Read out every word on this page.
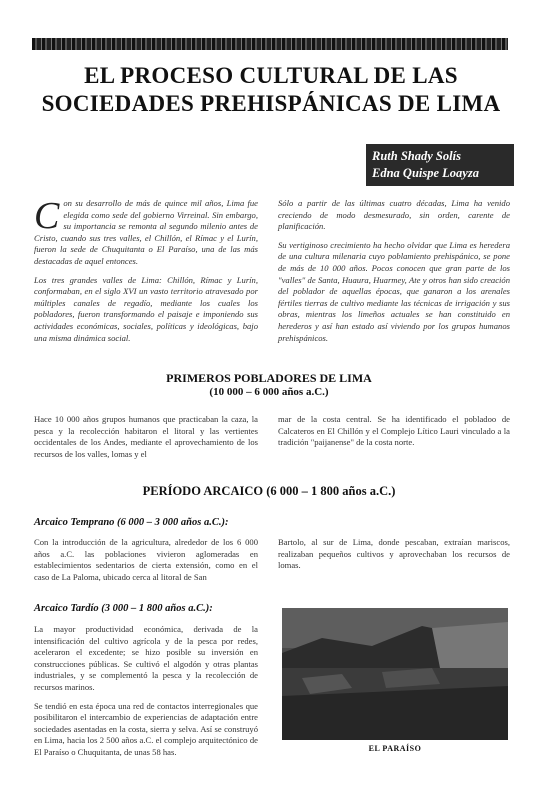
EL PROCESO CULTURAL DE LAS
SOCIEDADES PREHISPÁNICAS DE LIMA
Ruth Shady Solís
Edna Quispe Loayza

Con su desarrollo de más de quince mil años, Lima fue elegida como sede del gobierno Virreinal. Sin embargo, su importancia se remonta al segundo milenio antes de Cristo, cuando sus tres valles, el Chillón, el Rímac y el Lurín, fueron la sede de Chuquitanta o El Paraíso, una de las más destacadas de aquel entonces.

Los tres grandes valles de Lima: Chillón, Rímac y Lurín, conformaban, en el siglo XVI un vasto territorio atravesado por múltiples canales de regadío, mediante los cuales los pobladores, fueron transformando el paisaje e imponiendo sus actividades económicas, sociales, políticas y ideológicas, bajo una misma dinámica social.

Sólo a partir de las últimas cuatro décadas, Lima ha venido creciendo de modo desmesurado, sin orden, carente de planificación.

Su vertiginoso crecimiento ha hecho olvidar que Lima es heredera de una cultura milenaria cuyo poblamiento prehispánico, se pone de más de 10 000 años. Pocos conocen que gran parte de los "valles" de Santa, Huaura, Huarmey, Ate y otros han sido creación del poblador de aquellas épocas, que ganaron a los arenales fértiles tierras de cultivo mediante las técnicas de irrigación y sus obras, mientras los limeños actuales se han constituido en herederos y así han estado así viviendo por los grupos humanos prehispánicos.

PRIMEROS POBLADORES DE LIMA
(10 000 – 6 000 años a.C.)
Hace 10 000 años grupos humanos que practicaban la caza, la pesca y la recolección habitaron el litoral y las vertientes occidentales de los Andes, mediante el aprovechamiento de los recursos de los valles, lomas y el
mar de la costa central. Se ha identificado el pobladoo de Calcateros en El Chillón y el Complejo Lítico Lauri vinculado a la tradición "paijanense" de la costa norte.
PERÍODO ARCAICO (6 000 – 1 800 años a.C.)
Arcaico Temprano (6 000 – 3 000 años a.C.):
Con la introducción de la agricultura, alrededor de los 6 000 años a.C. las poblaciones vivieron aglomeradas en establecimientos sedentarios de cierta extensión, como en el caso de La Paloma, ubicado cerca al litoral de San
Bartolo, al sur de Lima, donde pescaban, extraían mariscos, realizaban pequeños cultivos y aprovechaban los recursos de lomas.
Arcaico Tardío (3 000 – 1 800 años a.C.):

La mayor productividad económica, derivada de la intensificación del cultivo agrícola y de la pesca por redes, aceleraron el excedente; se hizo posible su inversión en construcciones públicas. Se cultivó el algodón y otras plantas industriales, y se complementó la pesca y la recolección de recursos marinos.

Se tendió en esta época una red de contactos interregionales que posibilitaron el intercambio de experiencias de adaptación entre sociedades asentadas en la costa, sierra y selva. Así se construyó en Lima, hacia los 2 500 años a.C. el complejo arquitectónico de El Paraíso o Chuquitanta, de unas 58 has.	EL PARAÍSO
